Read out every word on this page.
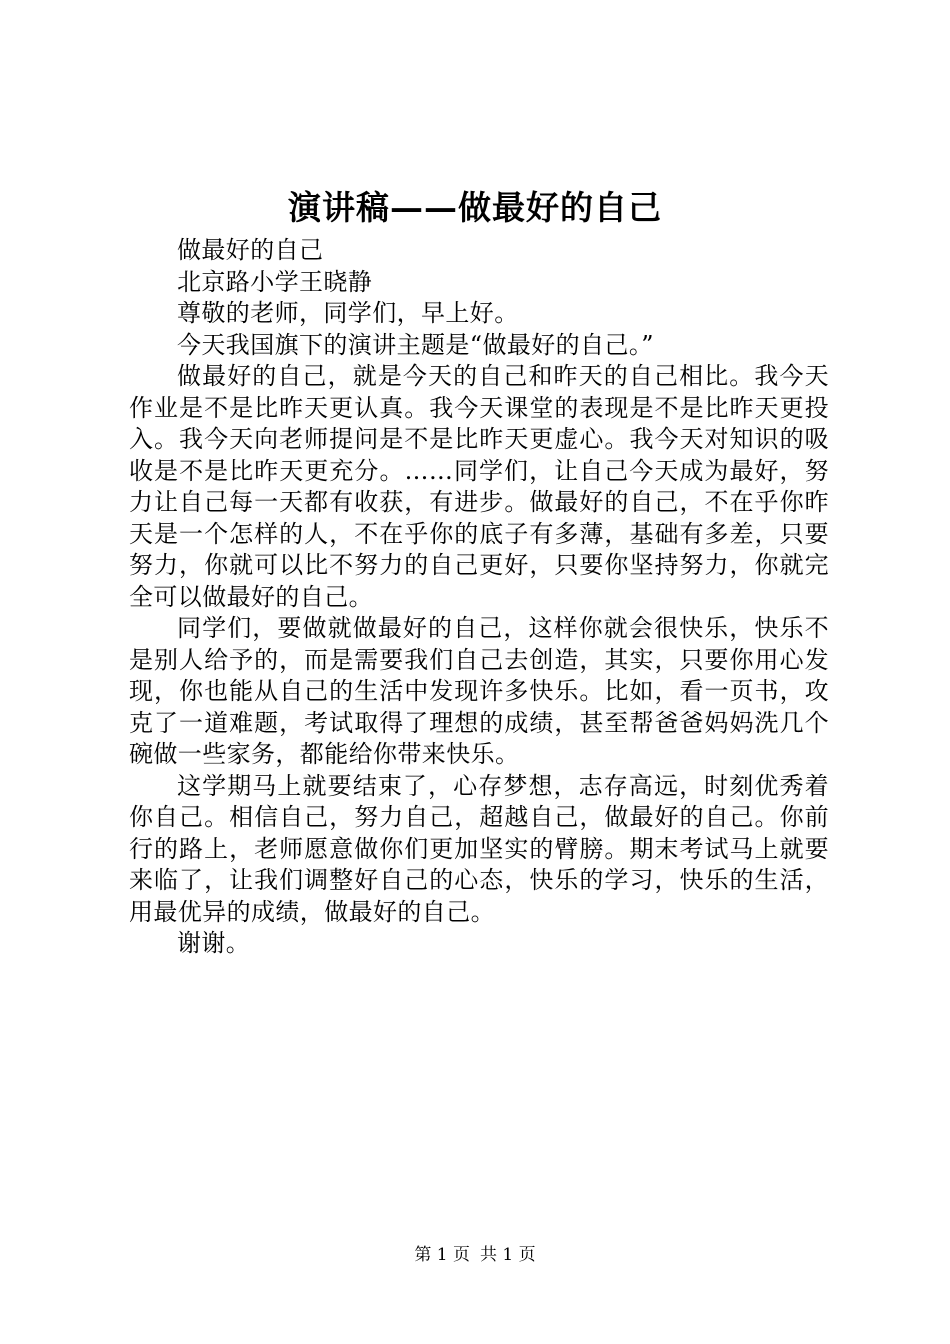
演讲稿——做最好的自己

做最好的自己

北京路小学王晓静

尊敬的老师，同学们，早上好。

今天我国旗下的演讲主题是“做最好的自己。”

做最好的自己，就是今天的自己和昨天的自己相比。我今天作业是不是比昨天更认真。我今天课堂的表现是不是比昨天更投入。我今天向老师提问是不是比昨天更虚心。我今天对知识的吸收是不是比昨天更充分。……同学们，让自己今天成为最好，努力让自己每一天都有收获，有进步。做最好的自己，不在乎你昨天是一个怎样的人，不在乎你的底子有多薄，基础有多差，只要努力，你就可以比不努力的自己更好，只要你坚持努力，你就完全可以做最好的自己。

同学们，要做就做最好的自己，这样你就会很快乐，快乐不是别人给予的，而是需要我们自己去创造，其实，只要你用心发现，你也能从自己的生活中发现许多快乐。比如，看一页书，攻克了一道难题，考试取得了理想的成绩，甚至帮爸爸妈妈洗几个碗做一些家务，都能给你带来快乐。

这学期马上就要结束了，心存梦想，志存高远，时刻优秀着你自己。相信自己，努力自己，超越自己，做最好的自己。你前行的路上，老师愿意做你们更加坚实的臂膀。期末考试马上就要来临了，让我们调整好自己的心态，快乐的学习，快乐的生活，用最优异的成绩，做最好的自己。

谢谢。

第 1 页 共 1 页
